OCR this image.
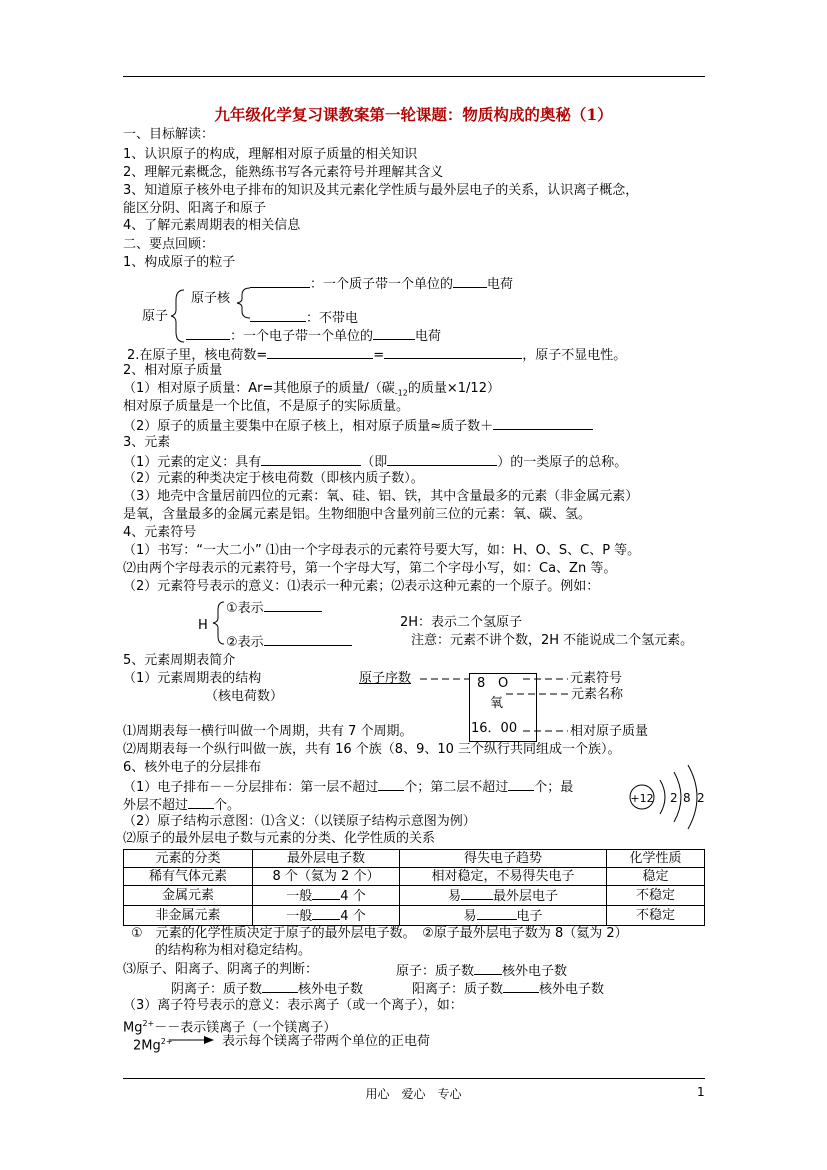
九年级化学复习课教案第一轮课题：物质构成的奥秘（1）
一、目标解读：
1、认识原子的构成，理解相对原子质量的相关知识
2、理解元素概念，能熟练书写各元素符号并理解其含义
3、知道原子核外电子排布的知识及其元素化学性质与最外层电子的关系，认识离子概念，
能区分阴、阳离子和原子
4、了解元素周期表的相关信息
二、要点回顾：
1、构成原子的粒子
原子
原子核
：一个质子带一个单位的	电荷
：不带电
：一个电子带一个单位的	电荷
2.在原子里，核电荷数=	=	，原子不显电性。
2、相对原子质量
（1）相对原子质量：Ar=其他原子的质量/（碳$_{-12}$的质量×1/12）
相对原子质量是一个比值，不是原子的实际质量。
（2）原子的质量主要集中在原子核上，相对原子质量≈质子数＋
3、元素
（1）元素的定义：具有	（即	）的一类原子的总称。
（2）元素的种类决定于核电荷数（即核内质子数）。
（3）地壳中含量居前四位的元素：氧、硅、铝、铁，其中含量最多的元素（非金属元素）
是氧，含量最多的金属元素是铝。生物细胞中含量列前三位的元素：氧、碳、氢。
4、元素符号
（1）书写：“一大二小” ⑴由一个字母表示的元素符号要大写，如：H、O、S、C、P 等。
⑵由两个字母表示的元素符号，第一个字母大写，第二个字母小写，如：Ca、Zn 等。
（2）元素符号表示的意义：⑴表示一种元素；⑵表示这种元素的一个原子。例如：
H
①表示
②表示
2H：表示二个氢原子
注意：元素不讲个数，2H 不能说成二个氢元素。
5、元素周期表简介
（1）元素周期表的结构
（核电荷数）
原子序数	8 O
氧
16．00
元素符号
元素名称
相对原子质量
⑴周期表每一横行叫做一个周期，共有 7 个周期。
⑵周期表每一个纵行叫做一族，共有 16 个族（8、9、10 三个纵行共同组成一个族）。
6、核外电子的分层排布
（1）电子排布－－分层排布：第一层不超过 个；第二层不超过 个；最
外层不超过 个。
（2）原子结构示意图：⑴含义：（以镁原子结构示意图为例）
⑵原子的最外层电子数与元素的分类、化学性质的关系
+12 2 8 2
元素的分类	最外层电子数	得失电子趋势	化学性质
稀有气体元素	8 个（氦为 2 个）	相对稳定，不易得失电子	稳定
金属元素	一般 4 个	易 最外层电子	不稳定
非金属元素	一般 4 个	易 电子	不稳定
①　元素的化学性质决定于原子的最外层电子数。　②原子最外层电子数为 8（氦为 2）
的结构称为相对稳定结构。
⑶原子、阳离子、阴离子的判断：	原子：质子数 核外电子数
阴离子：质子数	核外电子数	阳离子：质子数	核外电子数
（3）离子符号表示的意义：表示离子（或一个离子），如：
$Mg^{2+}--$表示镁离子（一个镁离子）
$2Mg^{2+}$	表示每个镁离子带两个单位的正电荷
用心　爱心　专心	1
